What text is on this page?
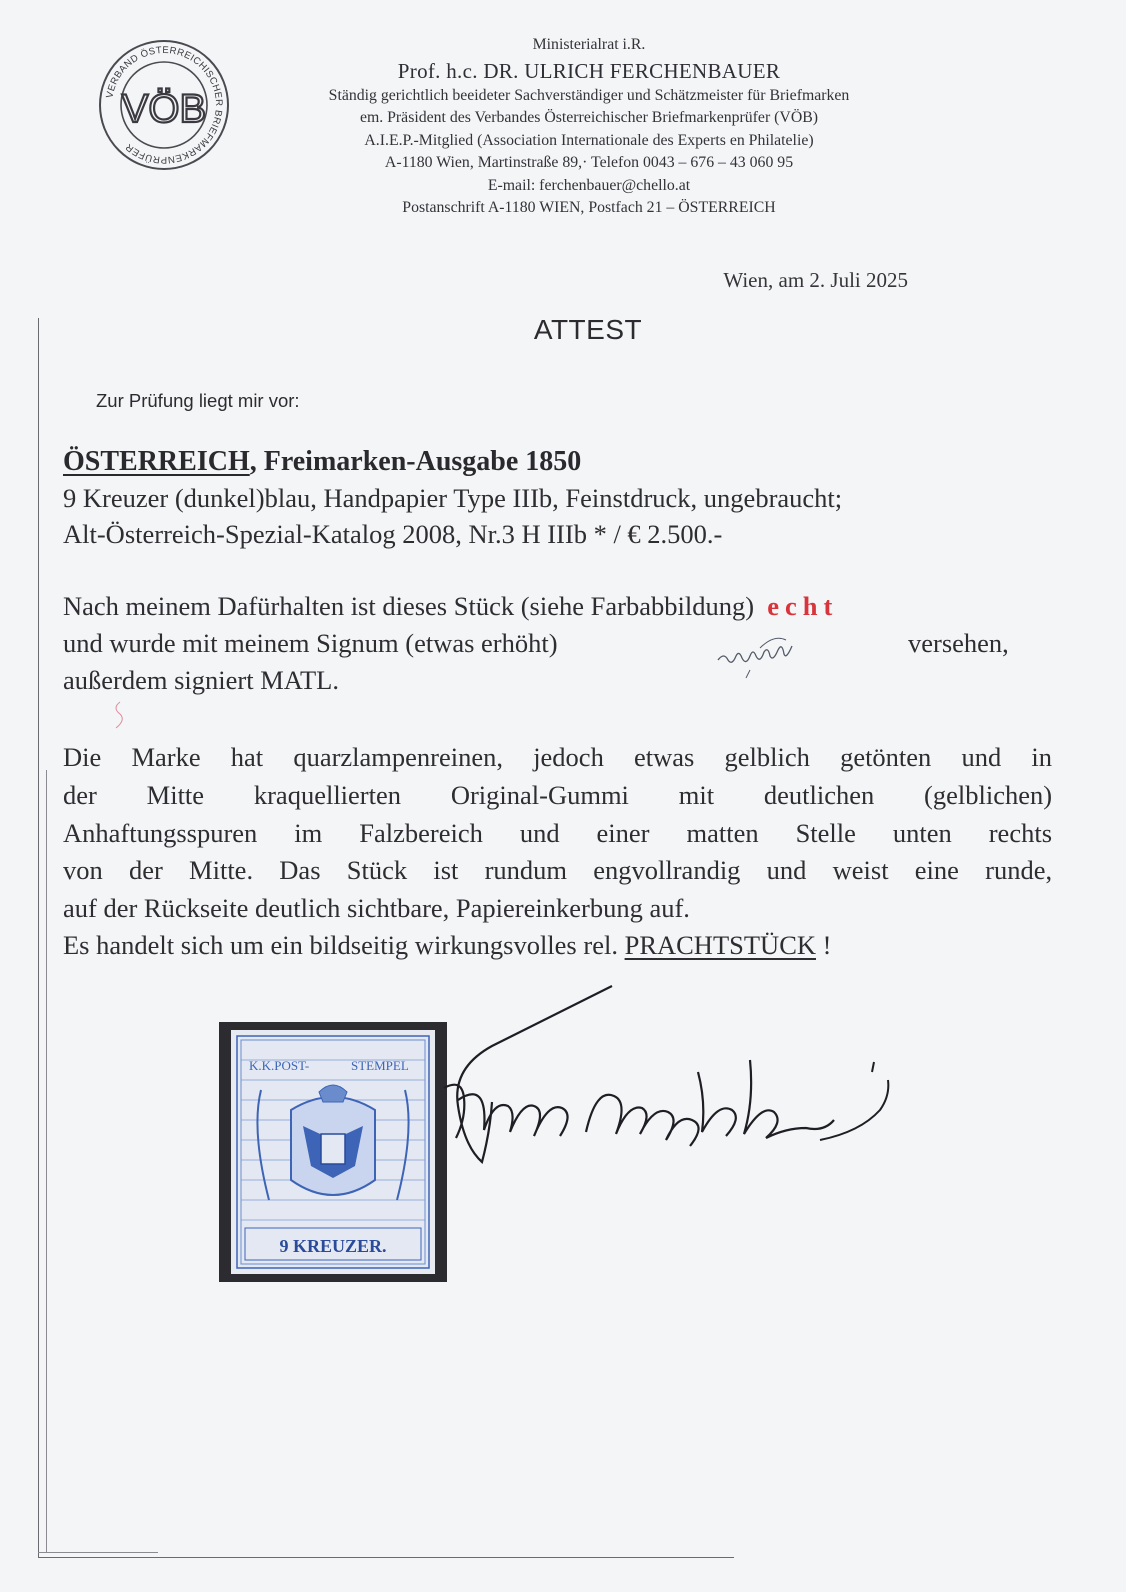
VERBAND ÖSTERREICHISCHER BRIEFMARKENPRÜFER
VÖB
Ministerialrat i.R.
Prof. h.c. DR. ULRICH FERCHENBAUER
Ständig gerichtlich beeideter Sachverständiger und Schätzmeister für Briefmarken
em. Präsident des Verbandes Österreichischer Briefmarkenprüfer (VÖB)
A.I.E.P.-Mitglied (Association Internationale des Experts en Philatelie)
A-1180 Wien, Martinstraße 89,· Telefon 0043 – 676 – 43 060 95
E-mail: ferchenbauer@chello.at
Postanschrift A-1180 WIEN, Postfach 21 – ÖSTERREICH
Wien, am 2. Juli 2025
ATTEST
Zur Prüfung liegt mir vor:
ÖSTERREICH, Freimarken-Ausgabe 1850
9 Kreuzer (dunkel)blau, Handpapier Type IIIb, Feinstdruck, ungebraucht;
Alt-Österreich-Spezial-Katalog 2008, Nr.3 H IIIb * / € 2.500.-
Nach meinem Dafürhalten ist dieses Stück (siehe Farbabbildung) echt
und wurde mit meinem Signum (etwas erhöht)	versehen,
außerdem signiert MATL.
Die Marke hat quarzlampenreinen, jedoch etwas gelblich getönten und in
der Mitte kraquellierten Original-Gummi mit deutlichen (gelblichen)
Anhaftungsspuren im Falzbereich und einer matten Stelle unten rechts
von der Mitte. Das Stück ist rundum engvollrandig und weist eine runde,
auf der Rückseite deutlich sichtbare, Papiereinkerbung auf.
Es handelt sich um ein bildseitig wirkungsvolles rel. PRACHTSTÜCK !
K.K.POST-	STEMPEL
9 KREUZER.
